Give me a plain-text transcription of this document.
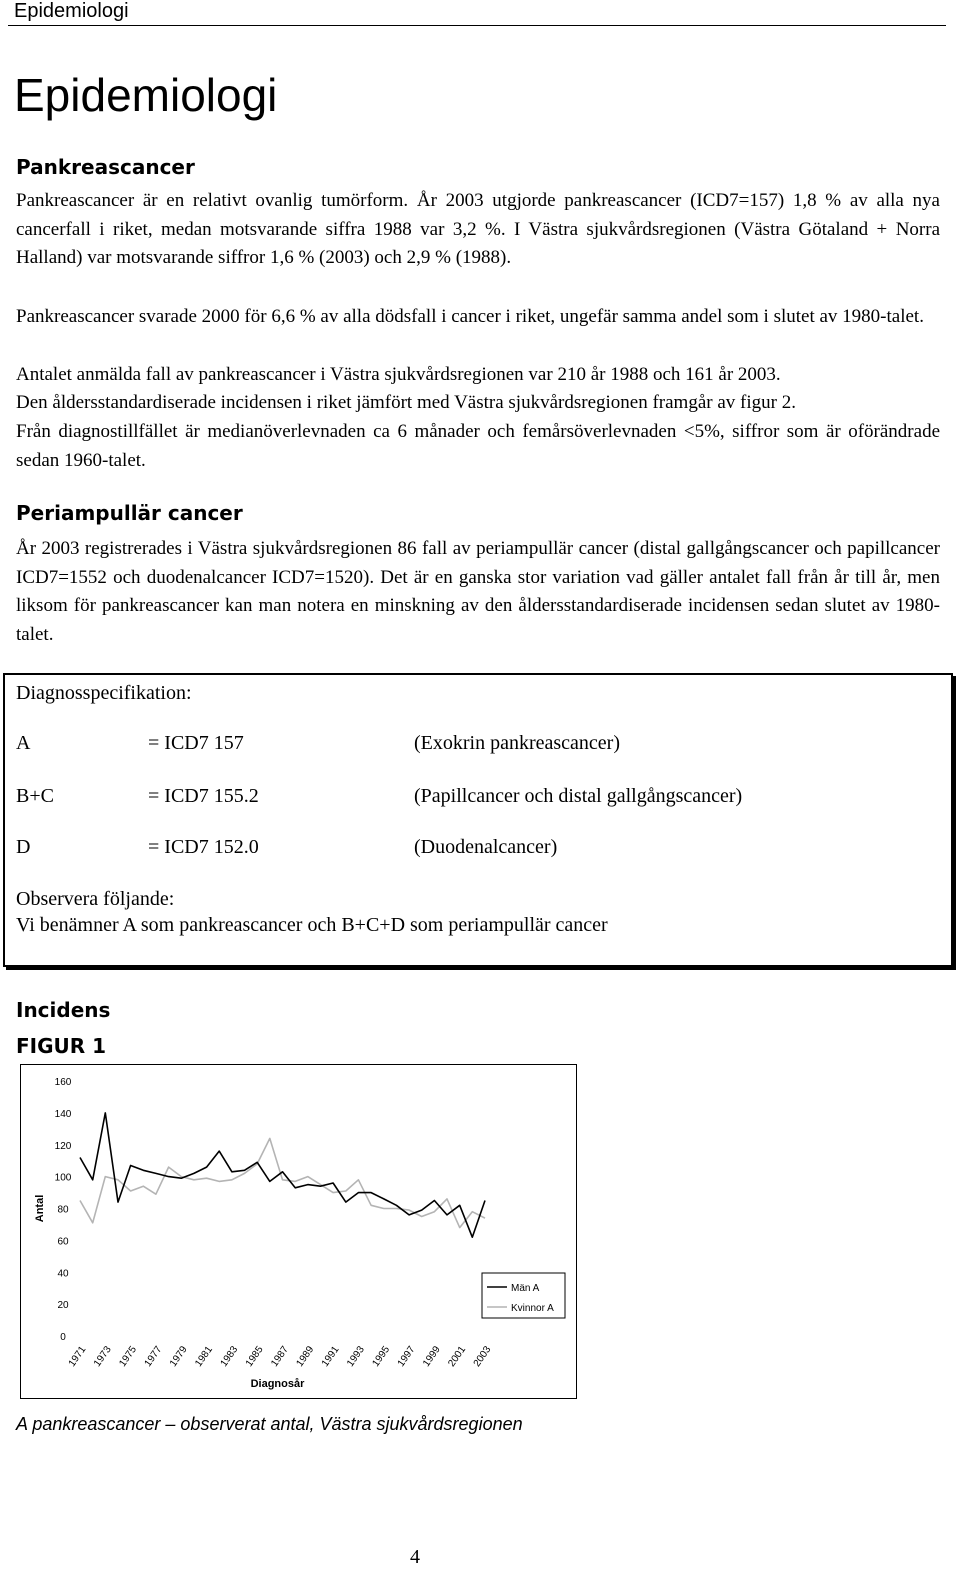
Epidemiologi
Epidemiologi
Pankreascancer

Pankreascancer är en relativt ovanlig tumörform. År 2003 utgjorde pankreascancer (ICD7=157) 1,8 % av alla nya cancerfall i riket, medan motsvarande siffra 1988 var 3,2 %. I Västra sjukvårdsregionen (Västra Götaland + Norra Halland) var motsvarande siffror 1,6 % (2003) och 2,9 % (1988).

Pankreascancer svarade 2000 för 6,6 % av alla dödsfall i cancer i riket, ungefär samma andel som i slutet av 1980-talet.

Antalet anmälda fall av pankreascancer i Västra sjukvårdsregionen var 210 år 1988 och 161 år 2003.

Den åldersstandardiserade incidensen i riket jämfört med Västra sjukvårdsregionen framgår av figur 2.

Från diagnostillfället är medianöverlevnaden ca 6 månader och femårsöverlevnaden <5%, siffror som är oförändrade sedan 1960-talet.

Periampullär cancer

År 2003 registrerades i Västra sjukvårdsregionen 86 fall av periampullär cancer (distal gallgångscancer och papillcancer ICD7=1552 och duodenalcancer ICD7=1520). Det är en ganska stor variation vad gäller antalet fall från år till år, men liksom för pankreascancer kan man notera en minskning av den åldersstandardiserade incidensen sedan slutet av 1980-talet.

Diagnosspecifikation:
A	= ICD7 157	(Exokrin pankreascancer)
B+C	= ICD7 155.2	(Papillcancer och distal gallgångscancer)
D	= ICD7 152.0	(Duodenalcancer)
Observera följande:
Vi benämner A som pankreascancer och B+C+D som periampullär cancer
Incidens
FIGUR 1
0
20
40
60
80
100
120
140
160
Antal
1971 1973 1975 1977 1979 1981 1983 1985 1987 1989 1991 1993 1995 1997 1999 2001 2003
Diagnosår
Män A
Kvinnor A
A pankreascancer – observerat antal, Västra sjukvårdsregionen
4
